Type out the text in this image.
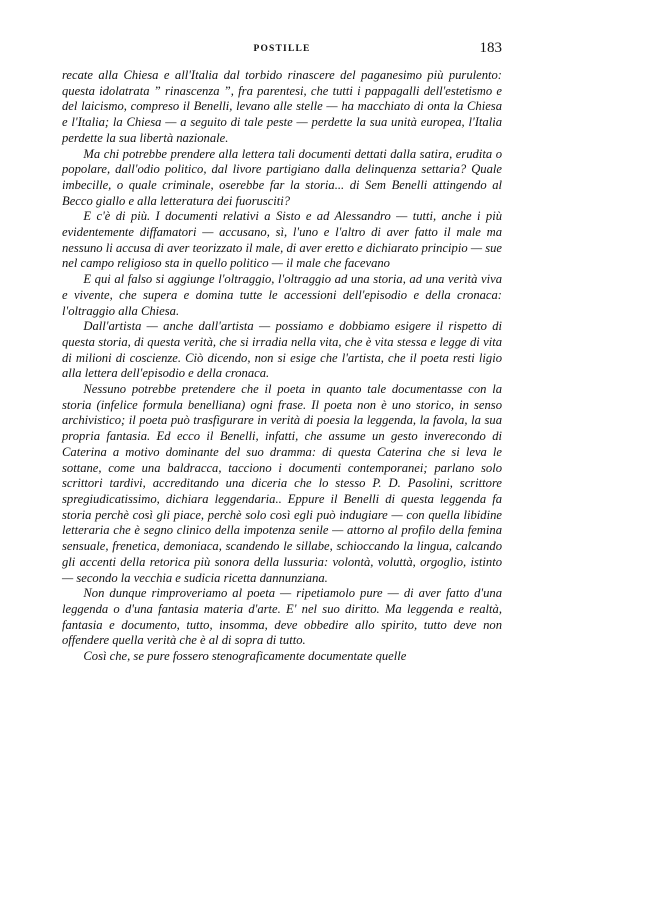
POSTILLE	183

recate alla Chiesa e all'Italia dal torbido rinascere del paganesimo più purulento: questa idolatrata ” rinascenza ”, fra parentesi, che tutti i pappagalli dell'estetismo e del laicismo, compreso il Benelli, levano alle stelle — ha macchiato di onta la Chiesa e l'Italia; la Chiesa — a seguito di tale peste — perdette la sua unità europea, l'Italia perdette la sua libertà nazionale.

Ma chi potrebbe prendere alla lettera tali documenti dettati dalla satira, erudita o popolare, dall'odio politico, dal livore partigiano dalla delinquenza settaria? Quale imbecille, o quale criminale, oserebbe far la storia... di Sem Benelli attingendo al Becco giallo e alla letteratura dei fuorusciti?

E c'è di più. I documenti relativi a Sisto e ad Alessandro — tutti, anche i più evidentemente diffamatori — accusano, sì, l'uno e l'altro di aver fatto il male ma nessuno li accusa di aver teorizzato il male, di aver eretto e dichiarato principio — sue nel campo religioso sta in quello politico — il male che facevano

E qui al falso si aggiunge l'oltraggio, l'oltraggio ad una storia, ad una verità viva e vivente, che supera e domina tutte le accessioni dell'episodio e della cronaca: l'oltraggio alla Chiesa.

Dall'artista — anche dall'artista — possiamo e dobbiamo esigere il rispetto di questa storia, di questa verità, che si irradia nella vita, che è vita stessa e legge di vita di milioni di coscienze. Ciò dicendo, non si esige che l'artista, che il poeta resti ligio alla lettera dell'episodio e della cronaca.

Nessuno potrebbe pretendere che il poeta in quanto tale documentasse con la storia (infelice formula benelliana) ogni frase. Il poeta non è uno storico, in senso archivistico; il poeta può trasfigurare in verità di poesia la leggenda, la favola, la sua propria fantasia. Ed ecco il Benelli, infatti, che assume un gesto inverecondo di Caterina a motivo dominante del suo dramma: di questa Caterina che si leva le sottane, come una baldracca, tacciono i documenti contemporanei; parlano solo scrittori tardivi, accreditando una diceria che lo stesso P. D. Pasolini, scrittore spregiudicatissimo, dichiara leggendaria.. Eppure il Benelli di questa leggenda fa storia perchè così gli piace, perchè solo così egli può indugiare — con quella libidine letteraria che è segno clinico della impotenza senile — attorno al profilo della femina sensuale, frenetica, demoniaca, scandendo le sillabe, schioccando la lingua, calcando gli accenti della retorica più sonora della lussuria: volontà, voluttà, orgoglio, istinto — secondo la vecchia e sudicia ricetta dannunziana.

Non dunque rimproveriamo al poeta — ripetiamolo pure — di aver fatto d'una leggenda o d'una fantasia materia d'arte. E' nel suo diritto. Ma leggenda e realtà, fantasia e documento, tutto, insomma, deve obbedire allo spirito, tutto deve non offendere quella verità che è al di sopra di tutto.

Così che, se pure fossero stenograficamente documentate quelle
